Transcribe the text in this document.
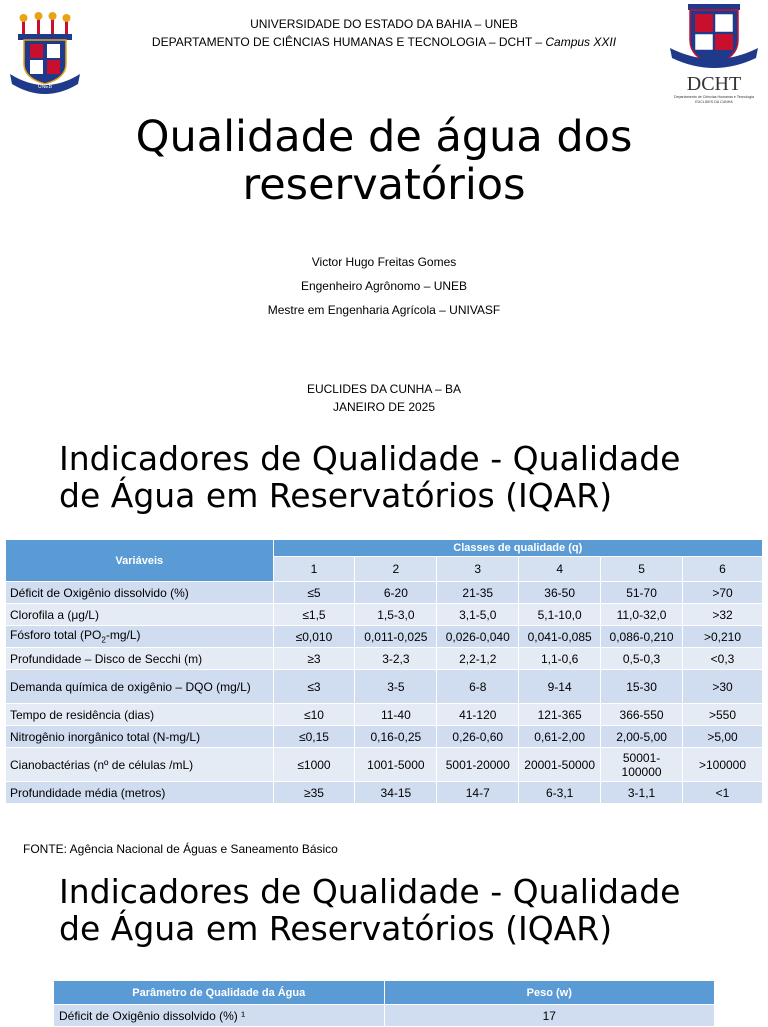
UNEB	DCHT
Departamento de Ciências Humanas e Tecnologia
EUCLIDES DA CUNHA
UNIVERSIDADE DO ESTADO DA BAHIA – UNEB
DEPARTAMENTO DE CIÊNCIAS HUMANAS E TECNOLOGIA – DCHT – Campus XXII
Qualidade de água dos reservatórios
Victor Hugo Freitas Gomes
Engenheiro Agrônomo – UNEB
Mestre em Engenharia Agrícola – UNIVASF
EUCLIDES DA CUNHA – BA
JANEIRO DE 2025
Indicadores de Qualidade - Qualidade de Água em Reservatórios (IQAR)
Variáveis	Classes de qualidade (q)					
	1	2	3	4	5	6
Déficit de Oxigênio dissolvido (%)	≤5	6-20	21-35	36-50	51-70	>70
Clorofila a (μg/L)	≤1,5	1,5-3,0	3,1-5,0	5,1-10,0	11,0-32,0	>32
Fósforo total $(PO_2-mg/L)$	≤0,010	0,011-0,025	0,026-0,040	0,041-0,085	0,086-0,210	>0,210
Profundidade – Disco de Secchi (m)	≥3	3-2,3	2,2-1,2	1,1-0,6	0,5-0,3	<0,3
Demanda química de oxigênio – DQO (mg/L)	≤3	3-5	6-8	9-14	15-30	>30
Tempo de residência (dias)	≤10	11-40	41-120	121-365	366-550	>550
Nitrogênio inorgânico total (N-mg/L)	≤0,15	0,16-0,25	0,26-0,60	0,61-2,00	2,00-5,00	>5,00
Cianobactérias (nº de células /mL)	≤1000	1001-5000	5001-20000	20001-50000	50001-100000	>100000
Profundidade média (metros)	≥35	34-15	14-7	6-3,1	3-1,1	<1
FONTE: Agência Nacional de Águas e Saneamento Básico
Indicadores de Qualidade - Qualidade de Água em Reservatórios (IQAR)
Parâmetro de Qualidade da Água	Peso (w)
Déficit de Oxigênio dissolvido (%) ¹	17
